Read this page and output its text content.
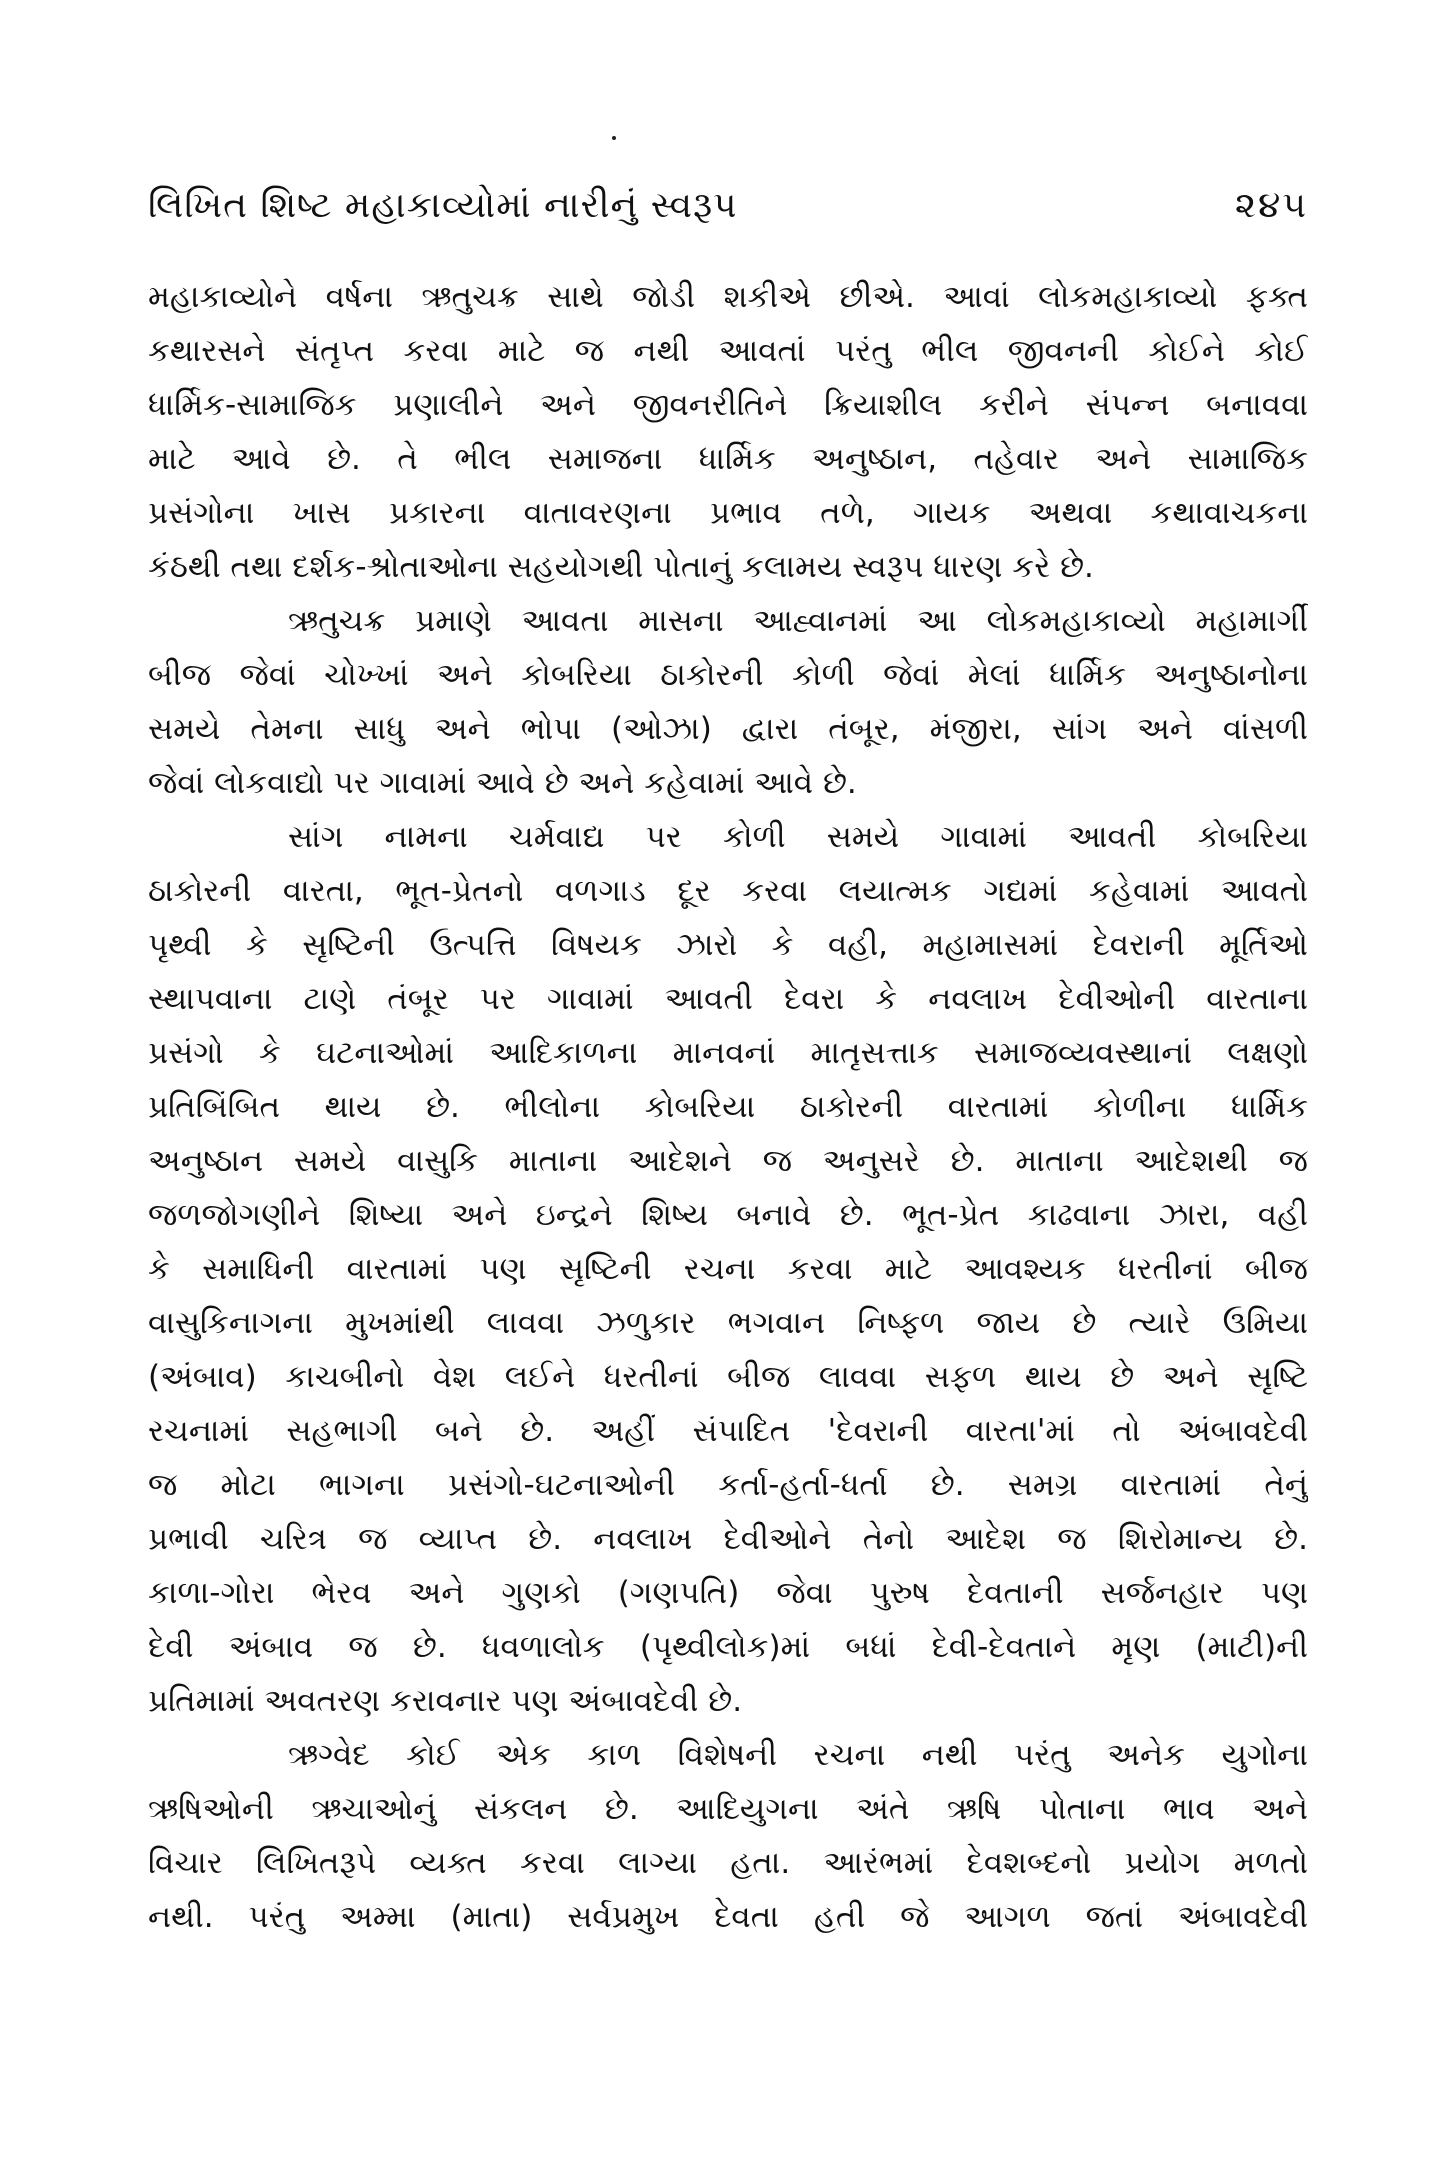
લિખિત શિષ્ટ મહાકાવ્યોમાં નારીનું સ્વરૂપ	૨૪૫
મહાકાવ્યોને વર્ષના ઋતુચક્ર સાથે જોડી શકીએ છીએ. આવાં લોકમહાકાવ્યો ફક્ત
કથારસને સંતૃપ્ત કરવા માટે જ નથી આવતાં પરંતુ ભીલ જીવનની કોઈને કોઈ
ધાર્મિક-સામાજિક પ્રણાલીને અને જીવનરીતિને ક્રિયાશીલ કરીને સંપન્ન બનાવવા
માટે આવે છે. તે ભીલ સમાજના ધાર્મિક અનુષ્ઠાન, તહેવાર અને સામાજિક
પ્રસંગોના ખાસ પ્રકારના વાતાવરણના પ્રભાવ તળે, ગાયક અથવા કથાવાચકના
કંઠથી તથા દર્શક-શ્રોતાઓના સહયોગથી પોતાનું કલામય સ્વરૂપ ધારણ કરે છે.
ઋતુચક્ર પ્રમાણે આવતા માસના આહ્વાનમાં આ લોકમહાકાવ્યો મહામાર્ગી
બીજ જેવાં ચોખ્ખાં અને કોબરિયા ઠાકોરની કોળી જેવાં મેલાં ધાર્મિક અનુષ્ઠાનોના
સમયે તેમના સાધુ અને ભોપા (ઓઝા) દ્વારા તંબૂર, મંજીરા, સાંગ અને વાંસળી
જેવાં લોકવાદ્યો પર ગાવામાં આવે છે અને કહેવામાં આવે છે.
સાંગ નામના ચર્મવાદ્ય પર કોળી સમયે ગાવામાં આવતી કોબરિયા
ઠાકોરની વારતા, ભૂત-પ્રેતનો વળગાડ દૂર કરવા લયાત્મક ગદ્યમાં કહેવામાં આવતો
પૃથ્વી કે સૃષ્ટિની ઉત્પત્તિ વિષયક ઝારો કે વહી, મહામાસમાં દેવરાની મૂર્તિઓ
સ્થાપવાના ટાણે તંબૂર પર ગાવામાં આવતી દેવરા કે નવલાખ દેવીઓની વારતાના
પ્રસંગો કે ઘટનાઓમાં આદિકાળના માનવનાં માતૃસત્તાક સમાજવ્યવસ્થાનાં લક્ષણો
પ્રતિબિંબિત થાય છે. ભીલોના કોબરિયા ઠાકોરની વારતામાં કોળીના ધાર્મિક
અનુષ્ઠાન સમયે વાસુકિ માતાના આદેશને જ અનુસરે છે. માતાના આદેશથી જ
જળજોગણીને શિષ્યા અને ઇન્દ્રને શિષ્ય બનાવે છે. ભૂત-પ્રેત કાઢવાના ઝારા, વહી
કે સમાધિની વારતામાં પણ સૃષ્ટિની રચના કરવા માટે આવશ્યક ધરતીનાં બીજ
વાસુકિનાગના મુખમાંથી લાવવા ઝળુકાર ભગવાન નિષ્ફળ જાય છે ત્યારે ઉમિયા
(અંબાવ) કાચબીનો વેશ લઈને ધરતીનાં બીજ લાવવા સફળ થાય છે અને સૃષ્ટિ
રચનામાં સહભાગી બને છે. અહીં સંપાદિત 'દેવરાની વારતા'માં તો અંબાવદેવી
જ મોટા ભાગના પ્રસંગો-ઘટનાઓની કર્તા-હર્તા-ધર્તા છે. સમગ્ર વારતામાં તેનું
પ્રભાવી ચરિત્ર જ વ્યાપ્ત છે. નવલાખ દેવીઓને તેનો આદેશ જ શિરોમાન્ય છે.
કાળા-ગોરા ભેરવ અને ગુણકો (ગણપતિ) જેવા પુરુષ દેવતાની સર્જનહાર પણ
દેવી અંબાવ જ છે. ધવળાલોક (પૃથ્વીલોક)માં બધાં દેવી-દેવતાને મૃણ (માટી)ની
પ્રતિમામાં અવતરણ કરાવનાર પણ અંબાવદેવી છે.
ઋગ્વેદ કોઈ એક કાળ વિશેષની રચના નથી પરંતુ અનેક યુગોના
ઋષિઓની ઋચાઓનું સંકલન છે. આદિયુગના અંતે ઋષિ પોતાના ભાવ અને
વિચાર લિખિતરૂપે વ્યક્ત કરવા લાગ્યા હતા. આરંભમાં દેવશબ્દનો પ્રયોગ મળતો
નથી. પરંતુ અમ્મા (માતા) સર્વપ્રમુખ દેવતા હતી જે આગળ જતાં અંબાવદેવી
